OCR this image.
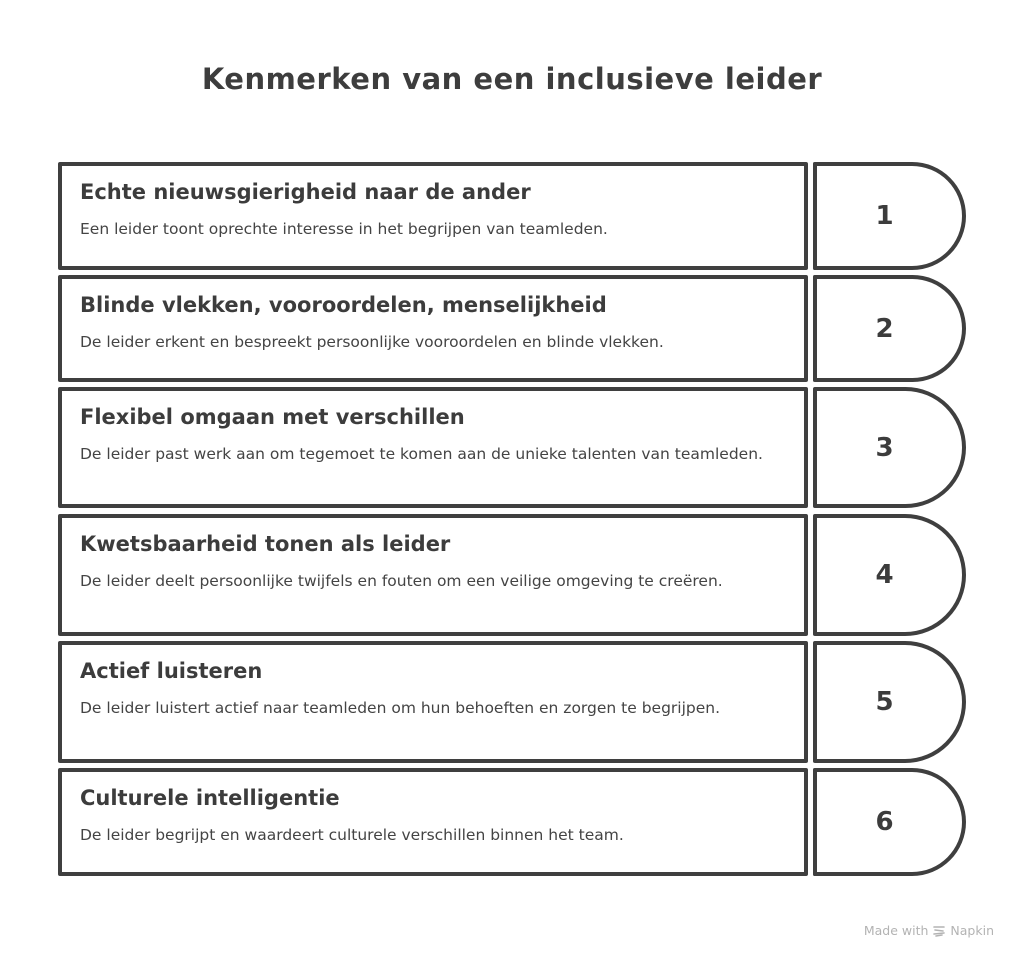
Kenmerken van een inclusieve leider
Echte nieuwsgierigheid naar de ander

Een leider toont oprechte interesse in het begrijpen van teamleden.	1
Blinde vlekken, vooroordelen, menselijkheid

De leider erkent en bespreekt persoonlijke vooroordelen en blinde vlekken.	2
Flexibel omgaan met verschillen

De leider past werk aan om tegemoet te komen aan de unieke talenten van teamleden.	3
Kwetsbaarheid tonen als leider

De leider deelt persoonlijke twijfels en fouten om een veilige omgeving te creëren.	4
Actief luisteren

De leider luistert actief naar teamleden om hun behoeften en zorgen te begrijpen.	5
Culturele intelligentie

De leider begrijpt en waardeert culturele verschillen binnen het team.	6
Made with Napkin
